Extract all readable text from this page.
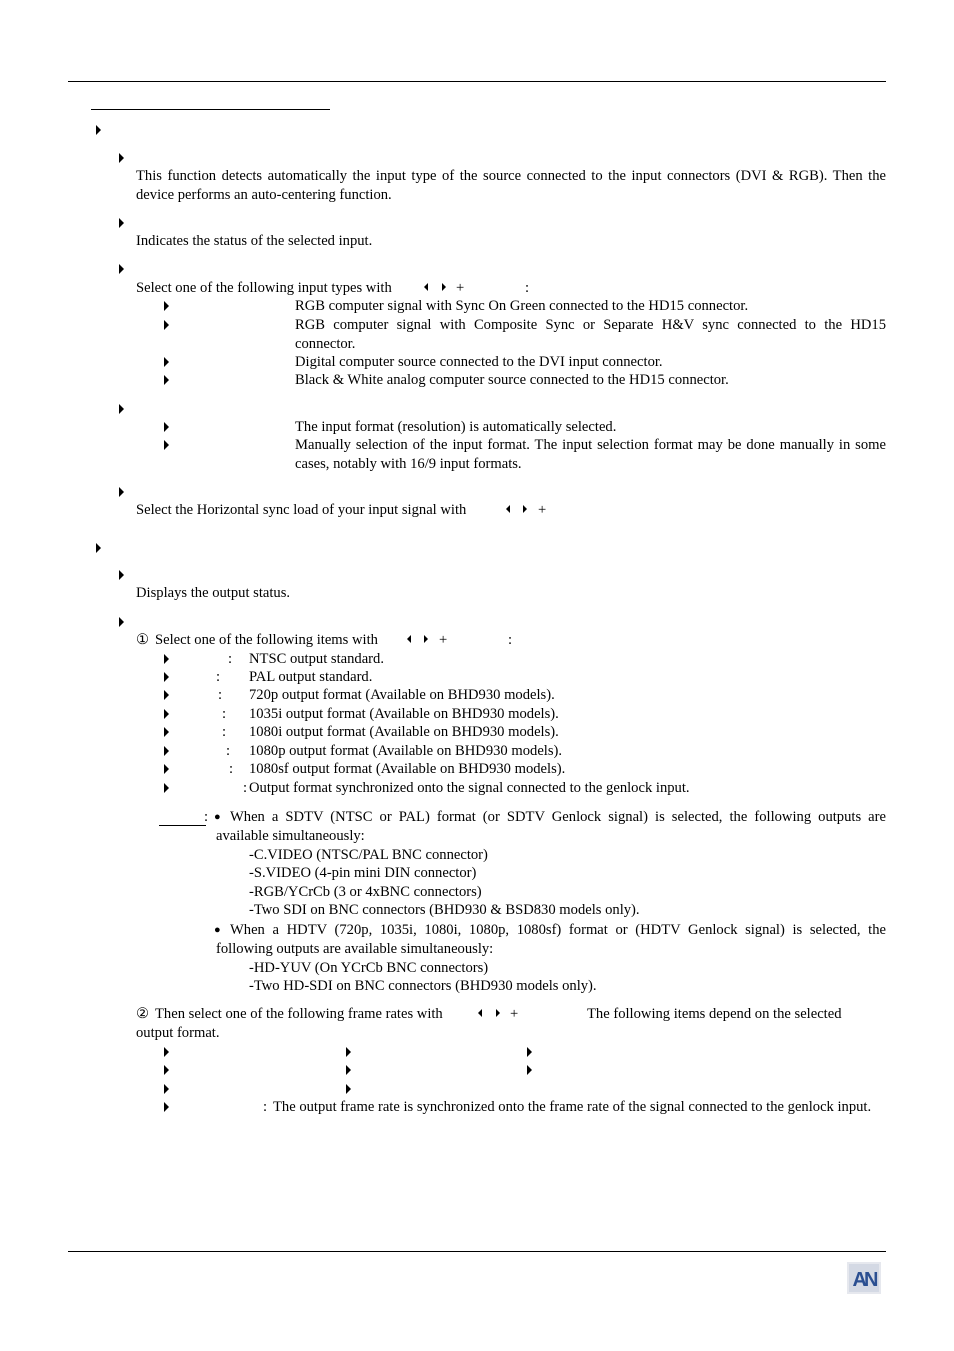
This function detects automatically the input type of the source connected to the input connectors (DVI & RGB). Then the device performs an auto-centering function.
Indicates the status of the selected input.
Select one of the following input types with	+	:
RGB computer signal with Sync On Green connected to the HD15 connector.
RGB computer signal with Composite Sync or Separate H&V sync connected to the HD15 connector.
Digital computer source connected to the DVI input connector.
Black & White analog computer source connected to the HD15 connector.
The input format (resolution) is automatically selected.
Manually selection of the input format. The input selection format may be done manually in some cases, notably with 16/9 input formats.
Select the Horizontal sync load of your input signal with	+
Displays the output status.
① Select one of the following items with	+	:
: NTSC output standard.
: PAL output standard.
: 720p output format (Available on BHD930 models).
: 1035i output format (Available on BHD930 models).
: 1080i output format (Available on BHD930 models).
: 1080p output format (Available on BHD930 models).
: 1080sf output format (Available on BHD930 models).
: Output format synchronized onto the signal connected to the genlock input.
: ● When a SDTV (NTSC or PAL) format (or SDTV Genlock signal) is selected, the following outputs are available simultaneously:
-C.VIDEO (NTSC/PAL BNC connector)
-S.VIDEO (4-pin mini DIN connector)
-RGB/YCrCb (3 or 4xBNC connectors)
-Two SDI on BNC connectors (BHD930 & BSD830 models only).
● When a HDTV (720p, 1035i, 1080i, 1080p, 1080sf) format or (HDTV Genlock signal) is selected, the following outputs are available simultaneously:
-HD-YUV (On YCrCb BNC connectors)
-Two HD-SDI on BNC connectors (BHD930 models only).
② Then select one of the following frame rates with	+	The following items depend on the selected
output format.
: The output frame rate is synchronized onto the frame rate of the signal connected to the genlock input.
AN
